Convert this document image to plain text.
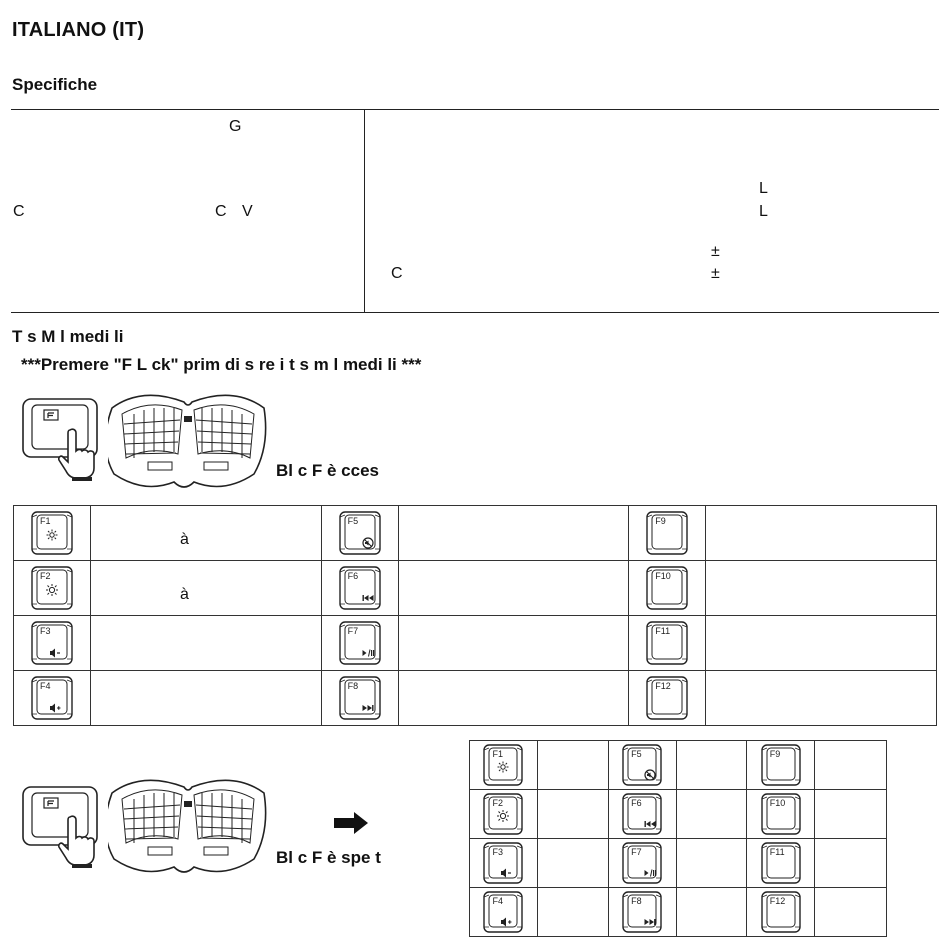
ITALIANO (IT)
Specifiche
G
C	C V
L
L
±
±
C
T s M l medi li
***Premere "F L ck" prim di s re i t s m l medi li ***
Bl c F è cces
F1	à	F5		F9	

F2	à	F6		F10	

F3		F7		F11	

F4		F8		F12	

Bl c F è spe t
F1		F5		F9	

F2		F6		F10	

F3		F7		F11	

F4		F8		F12	
